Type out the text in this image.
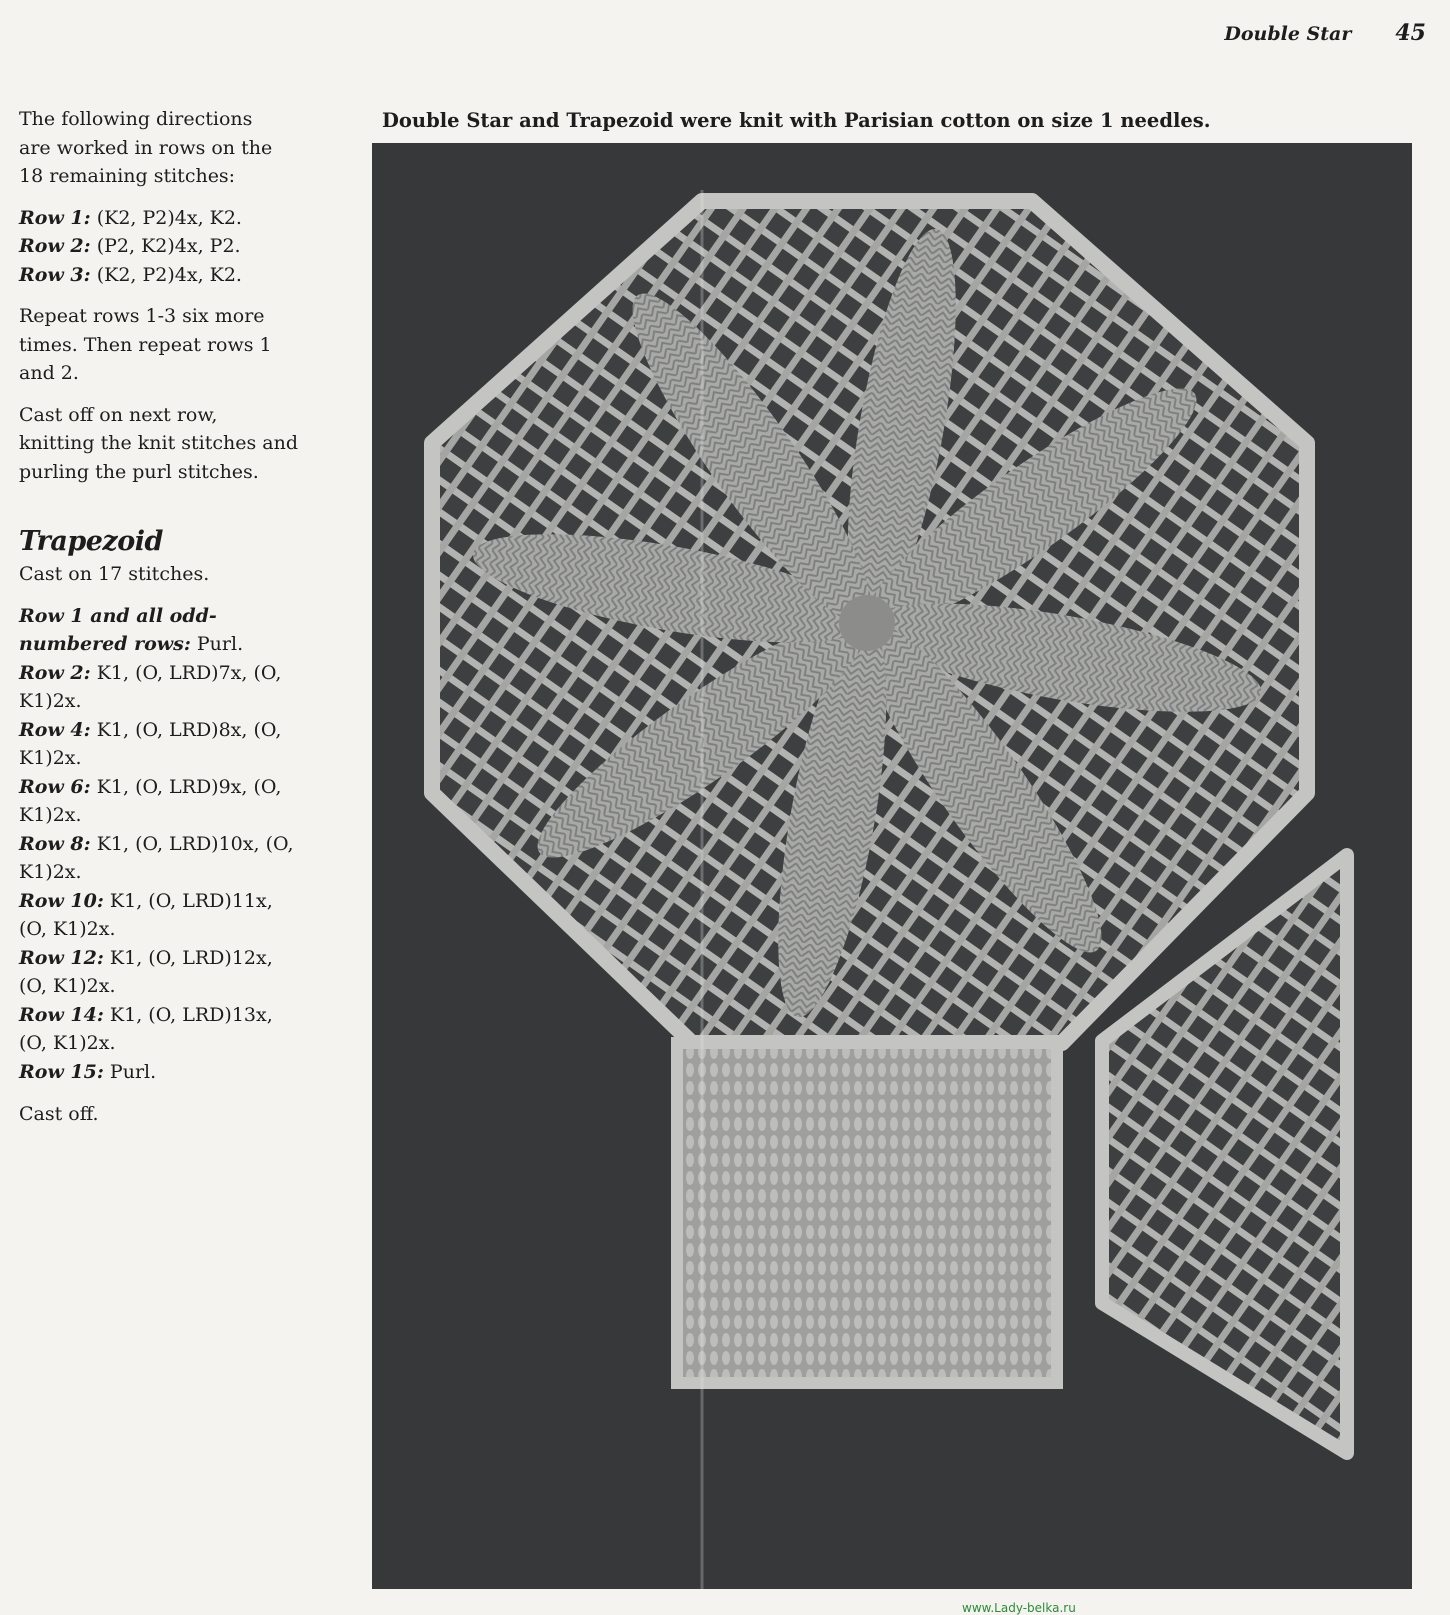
Double Star 45
The following directions
are worked in rows on the
18 remaining stitches:
Row 1: (K2, P2)4x, K2.
Row 2: (P2, K2)4x, P2.
Row 3: (K2, P2)4x, K2.
Repeat rows 1-3 six more
times. Then repeat rows 1
and 2.
Cast off on next row,
knitting the knit stitches and
purling the purl stitches.
Trapezoid
Cast on 17 stitches.
Row 1 and all odd-
numbered rows: Purl.
Row 2: K1, (O, LRD)7x, (O,
K1)2x.
Row 4: K1, (O, LRD)8x, (O,
K1)2x.
Row 6: K1, (O, LRD)9x, (O,
K1)2x.
Row 8: K1, (O, LRD)10x, (O,
K1)2x.
Row 10: K1, (O, LRD)11x,
(O, K1)2x.
Row 12: K1, (O, LRD)12x,
(O, K1)2x.
Row 14: K1, (O, LRD)13x,
(O, K1)2x.
Row 15: Purl.
Cast off.
Double Star and Trapezoid were knit with Parisian cotton on size 1 needles.
www.Lady-belka.ru
